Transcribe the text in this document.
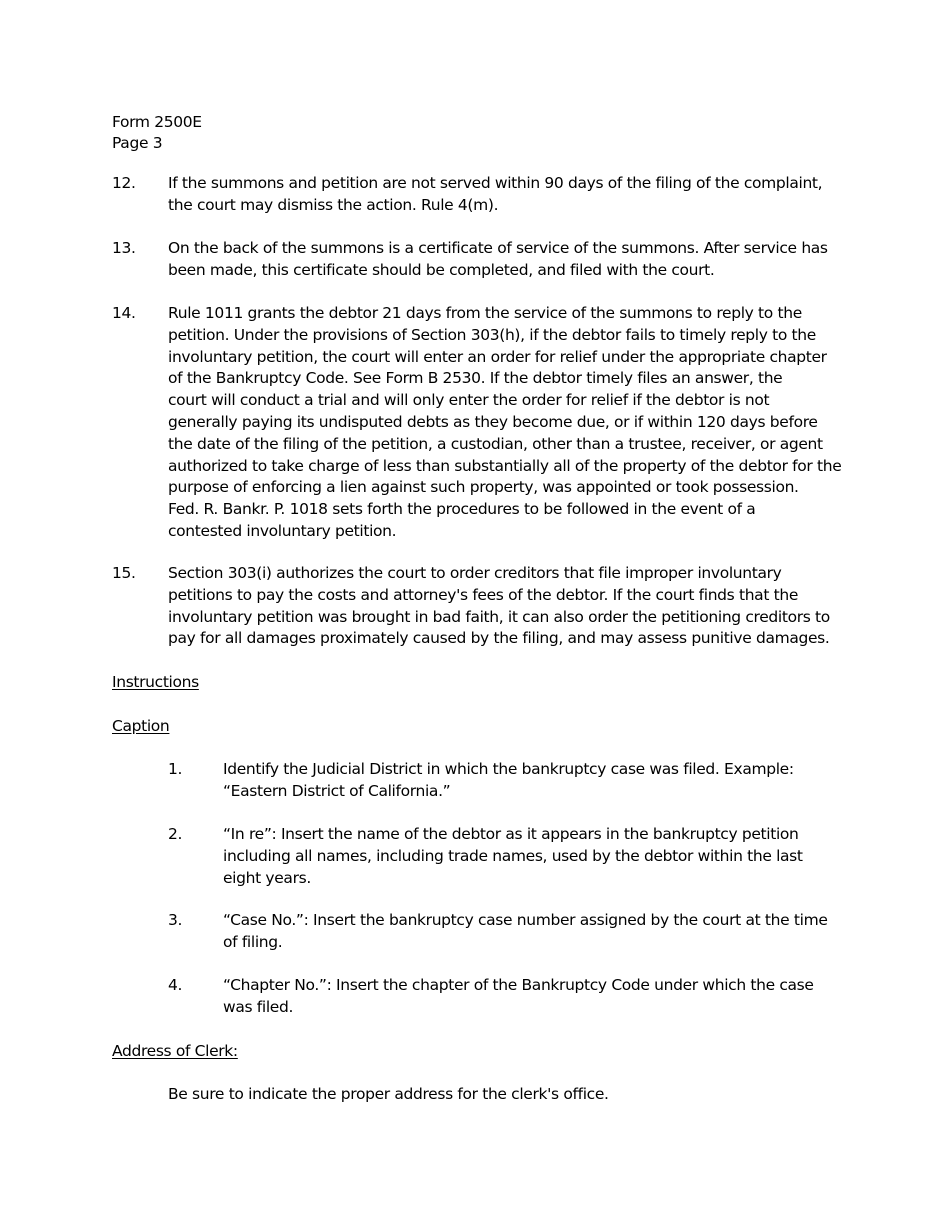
Form 2500E
Page 3
12. If the summons and petition are not served within 90 days of the filing of the complaint,
the court may dismiss the action. Rule 4(m).
13. On the back of the summons is a certificate of service of the summons. After service has
been made, this certificate should be completed, and filed with the court.
14. Rule 1011 grants the debtor 21 days from the service of the summons to reply to the
petition. Under the provisions of Section 303(h), if the debtor fails to timely reply to the
involuntary petition, the court will enter an order for relief under the appropriate chapter
of the Bankruptcy Code. See Form B 2530. If the debtor timely files an answer, the
court will conduct a trial and will only enter the order for relief if the debtor is not
generally paying its undisputed debts as they become due, or if within 120 days before
the date of the filing of the petition, a custodian, other than a trustee, receiver, or agent
authorized to take charge of less than substantially all of the property of the debtor for the
purpose of enforcing a lien against such property, was appointed or took possession.
Fed. R. Bankr. P. 1018 sets forth the procedures to be followed in the event of a
contested involuntary petition.
15. Section 303(i) authorizes the court to order creditors that file improper involuntary
petitions to pay the costs and attorney's fees of the debtor. If the court finds that the
involuntary petition was brought in bad faith, it can also order the petitioning creditors to
pay for all damages proximately caused by the filing, and may assess punitive damages.
Instructions
Caption
1.	Identify the Judicial District in which the bankruptcy case was filed. Example:
“Eastern District of California.”
2.	“In re”: Insert the name of the debtor as it appears in the bankruptcy petition
including all names, including trade names, used by the debtor within the last
eight years.
3.	“Case No.”: Insert the bankruptcy case number assigned by the court at the time
of filing.
4.	“Chapter No.”: Insert the chapter of the Bankruptcy Code under which the case
was filed.
Address of Clerk:
Be sure to indicate the proper address for the clerk's office.
